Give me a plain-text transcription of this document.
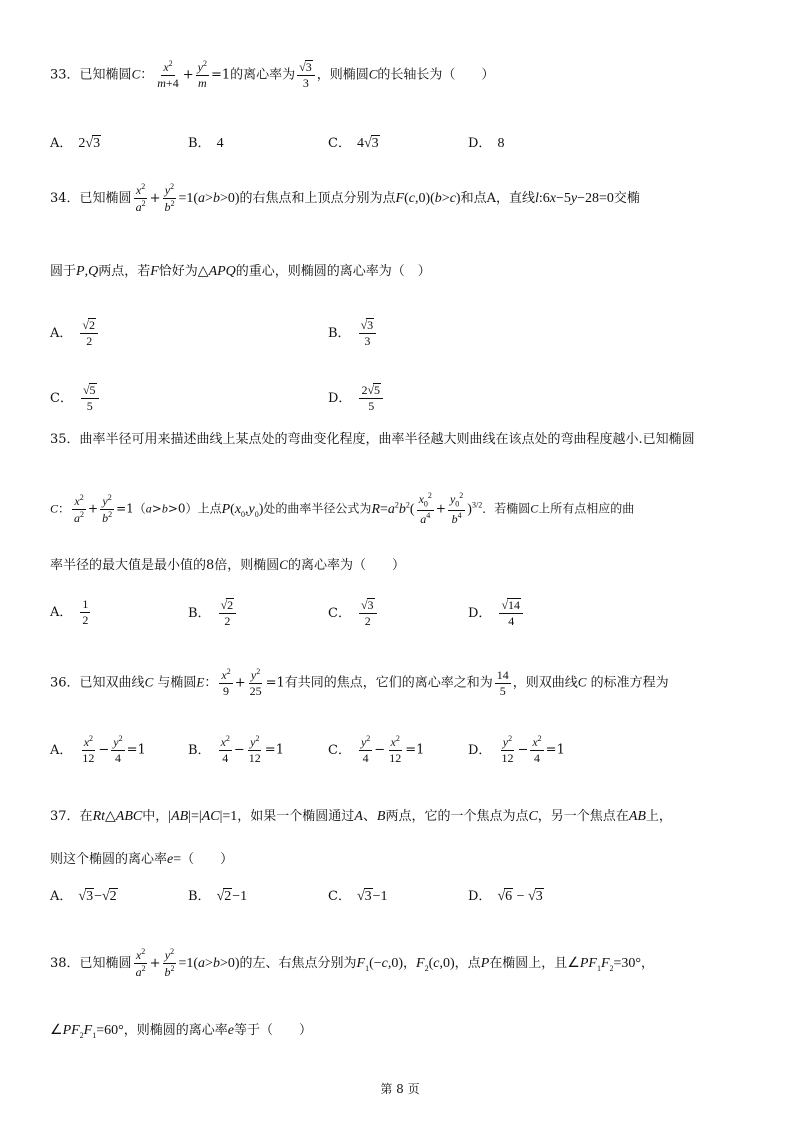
33．已知椭圆C： $\frac{x^2}{m+4} + \frac{y^2}{m} =1$的离心率为 $\frac{√3}{3}$ ，则椭圆C的长轴长为（　　）
A． 2√3	B． 4	C． 4√3	D． 8
34．已知椭圆 $\frac{x^2}{a^2} + \frac{y^2}{b^2} =1(a>b>0)$的右焦点和上顶点分别为点F(c,0)(b>c)和点A，直线l:6x−5y−28=0交椭
圆于P,Q两点，若F恰好为△APQ的重心，则椭圆的离心率为（　）
A． $\frac{√2}{2}$	B． $\frac{√3}{3}$
C． $\frac{√5}{5}$	D． $\frac{2√5}{5}$
35．曲率半径可用来描述曲线上某点处的弯曲变化程度，曲率半径越大则曲线在该点处的弯曲程度越小.已知椭圆
C： $\frac{x^2}{a^2} + \frac{y^2}{b^2} =1(a>b>0)$上点$P(x_0,y_0)$处的曲率半径公式为$R=a^2b^2( \frac{x_0^2}{a^4} + \frac{y_0^2}{b^4} )^{3/2}$．若椭圆C上所有点相应的曲
率半径的最大值是最小值的8倍，则椭圆C的离心率为（　　）
A． $\frac{1}{2}$	B． $\frac{√2}{2}$	C． $\frac{√3}{2}$	D． $\frac{√14}{4}$
36．已知双曲线C 与椭圆E： $\frac{x^2}{9} + \frac{y^2}{25} =1$有共同的焦点，它们的离心率之和为 $\frac{14}{5}$ ，则双曲线C 的标准方程为
A． $\frac{x^2}{12} - \frac{y^2}{4} =1$	B． $\frac{x^2}{4} - \frac{y^2}{12} =1$	C． $\frac{y^2}{4} - \frac{x^2}{12} =1$	D． $\frac{y^2}{12} - \frac{x^2}{4} =1$
37．在Rt△ABC中，|AB|=|AC|=1，如果一个椭圆通过A、B两点，它的一个焦点为点C，另一个焦点在AB上，
则这个椭圆的离心率e=（　　）
A． √3−√2	B． √2−1	C． √3−1	D． √6 − √3
38．已知椭圆 $\frac{x^2}{a^2} + \frac{y^2}{b^2} =1(a>b>0)$的左、右焦点分别为$F_1(-c,0)$，$F_2(c,0)$，点P在椭圆上，且$\angle PF_1F_2=30^\circ$，
$\angle PF_2F_1=60^\circ$，则椭圆的离心率e等于（　　）
第 8 页
